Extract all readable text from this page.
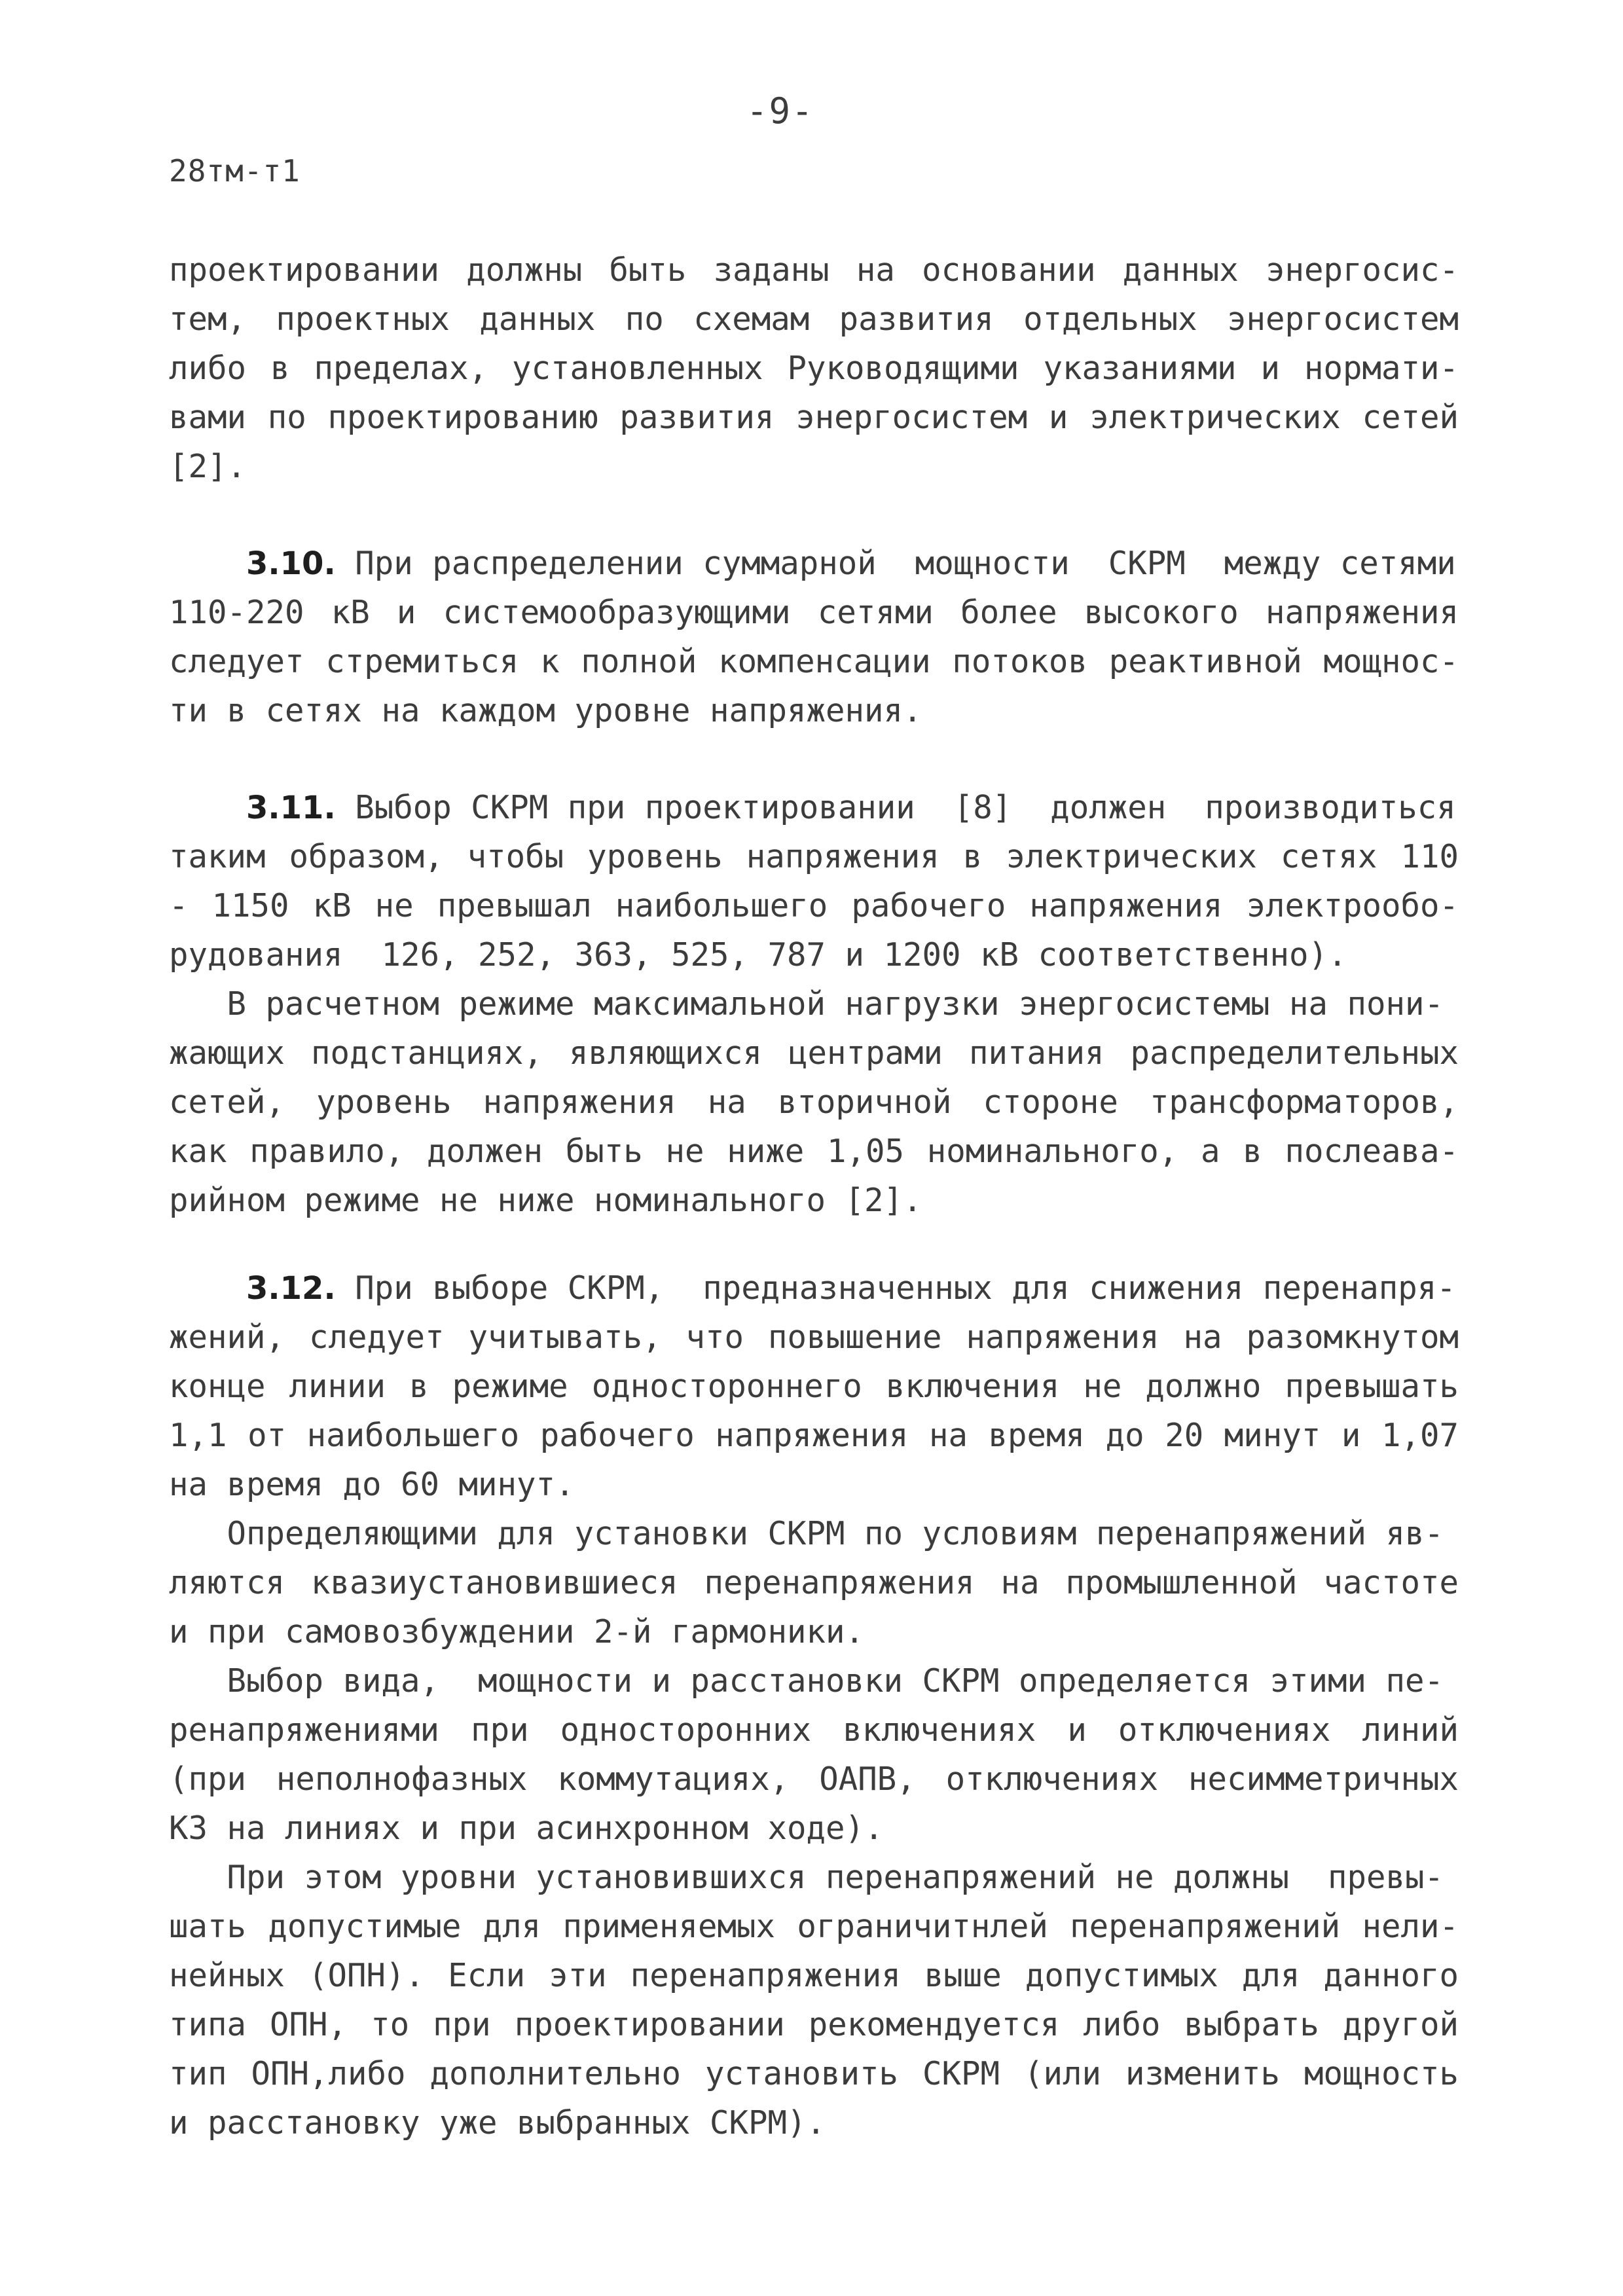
-9-
28тм-т1
проектировании должны быть заданы на основании данных энергосис-
тем, проектных данных по схемам развития отдельных энергосистем
либо в пределах, установленных Руководящими указаниями и нормати-
вами по проектированию развития энергосистем и электрических сетей
[2].
3.10. При распределении суммарной  мощности  СКРМ  между сетями
110-220 кВ и системообразующими сетями более высокого напряжения
следует стремиться к полной компенсации потоков реактивной мощнос-
ти в сетях на каждом уровне напряжения.
3.11. Выбор СКРМ при проектировании  [8]  должен  производиться
таким образом, чтобы уровень напряжения в электрических сетях 110
- 1150 кВ не превышал наибольшего рабочего напряжения электрообо-
рудования  126, 252, 363, 525, 787 и 1200 кВ соответственно).
В расчетном режиме максимальной нагрузки энергосистемы на пони-
жающих подстанциях, являющихся центрами питания распределительных
сетей, уровень напряжения на вторичной стороне трансформаторов,
как правило, должен быть не ниже 1,05 номинального, а в послеава-
рийном режиме не ниже номинального [2].
3.12. При выборе СКРМ,  предназначенных для снижения перенапря-
жений, следует учитывать, что повышение напряжения на разомкнутом
конце линии в режиме одностороннего включения не должно превышать
1,1 от наибольшего рабочего напряжения на время до 20 минут и 1,07
на время до 60 минут.
Определяющими для установки СКРМ по условиям перенапряжений яв-
ляются квазиустановившиеся перенапряжения на промышленной частоте
и при самовозбуждении 2-й гармоники.
Выбор вида,  мощности и расстановки СКРМ определяется этими пе-
ренапряжениями при односторонних включениях и отключениях линий
(при неполнофазных коммутациях, ОАПВ, отключениях несимметричных
КЗ на линиях и при асинхронном ходе).
При этом уровни установившихся перенапряжений не должны  превы-
шать допустимые для применяемых ограничитнлей перенапряжений нели-
нейных (ОПН). Если эти перенапряжения выше допустимых для данного
типа ОПН, то при проектировании рекомендуется либо выбрать другой
тип ОПН,либо дополнительно установить СКРМ (или изменить мощность
и расстановку уже выбранных СКРМ).
